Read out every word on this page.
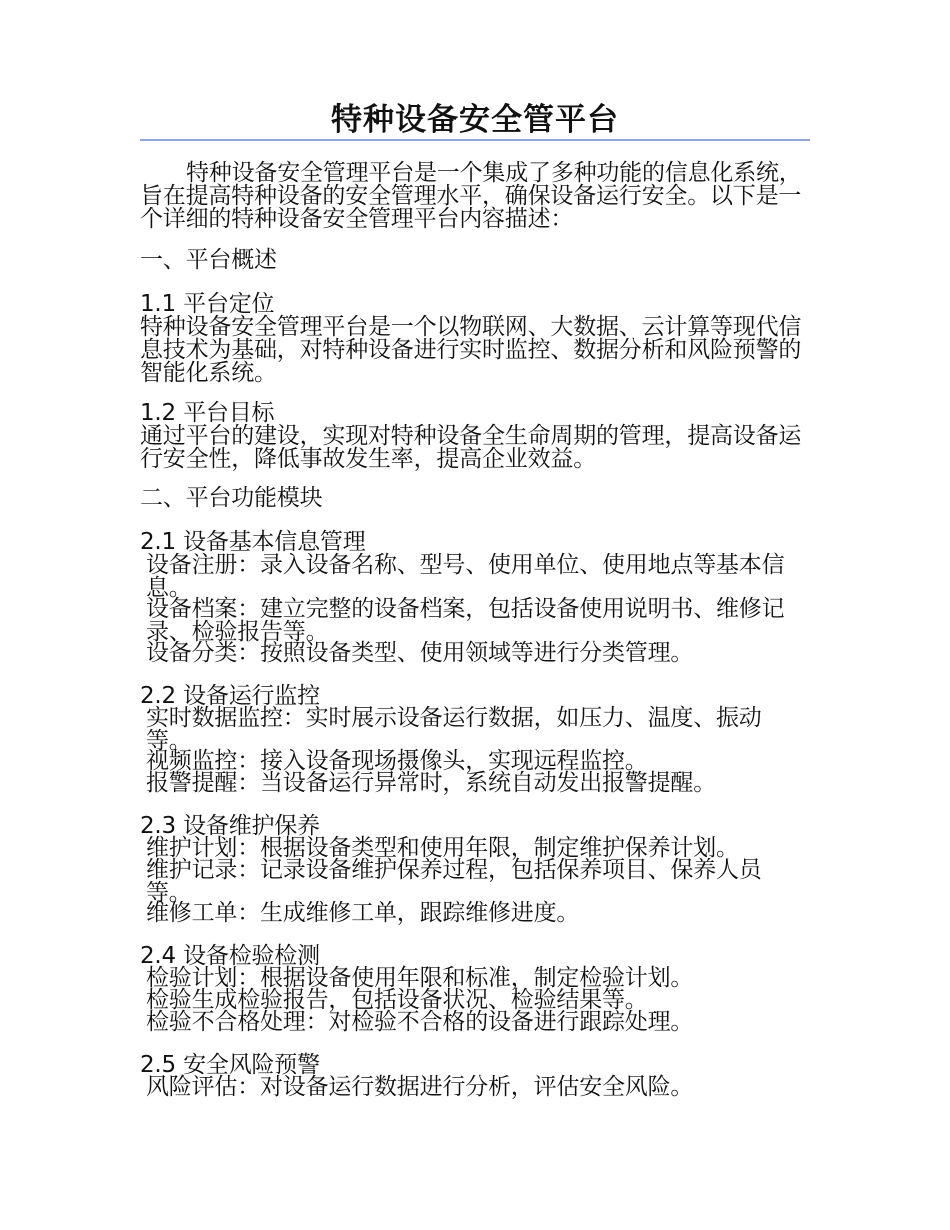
特种设备安全管平台

特种设备安全管理平台是一个集成了多种功能的信息化系统，旨在提高特种设备的安全管理水平，确保设备运行安全。以下是一个详细的特种设备安全管理平台内容描述：

一、平台概述

1.1 平台定位

特种设备安全管理平台是一个以物联网、大数据、云计算等现代信息技术为基础，对特种设备进行实时监控、数据分析和风险预警的智能化系统。

1.2 平台目标

通过平台的建设，实现对特种设备全生命周期的管理，提高设备运行安全性，降低事故发生率，提高企业效益。

二、平台功能模块

2.1 设备基本信息管理

设备注册：录入设备名称、型号、使用单位、使用地点等基本信息。

设备档案：建立完整的设备档案，包括设备使用说明书、维修记录、检验报告等。

设备分类：按照设备类型、使用领域等进行分类管理。

2.2 设备运行监控

实时数据监控：实时展示设备运行数据，如压力、温度、振动等。

视频监控：接入设备现场摄像头，实现远程监控。

报警提醒：当设备运行异常时，系统自动发出报警提醒。

2.3 设备维护保养

维护计划：根据设备类型和使用年限，制定维护保养计划。

维护记录：记录设备维护保养过程，包括保养项目、保养人员等。

维修工单：生成维修工单，跟踪维修进度。

2.4 设备检验检测

检验计划：根据设备使用年限和标准，制定检验计划。

检验生成检验报告，包括设备状况、检验结果等。

检验不合格处理：对检验不合格的设备进行跟踪处理。

2.5 安全风险预警

风险评估：对设备运行数据进行分析，评估安全风险。
